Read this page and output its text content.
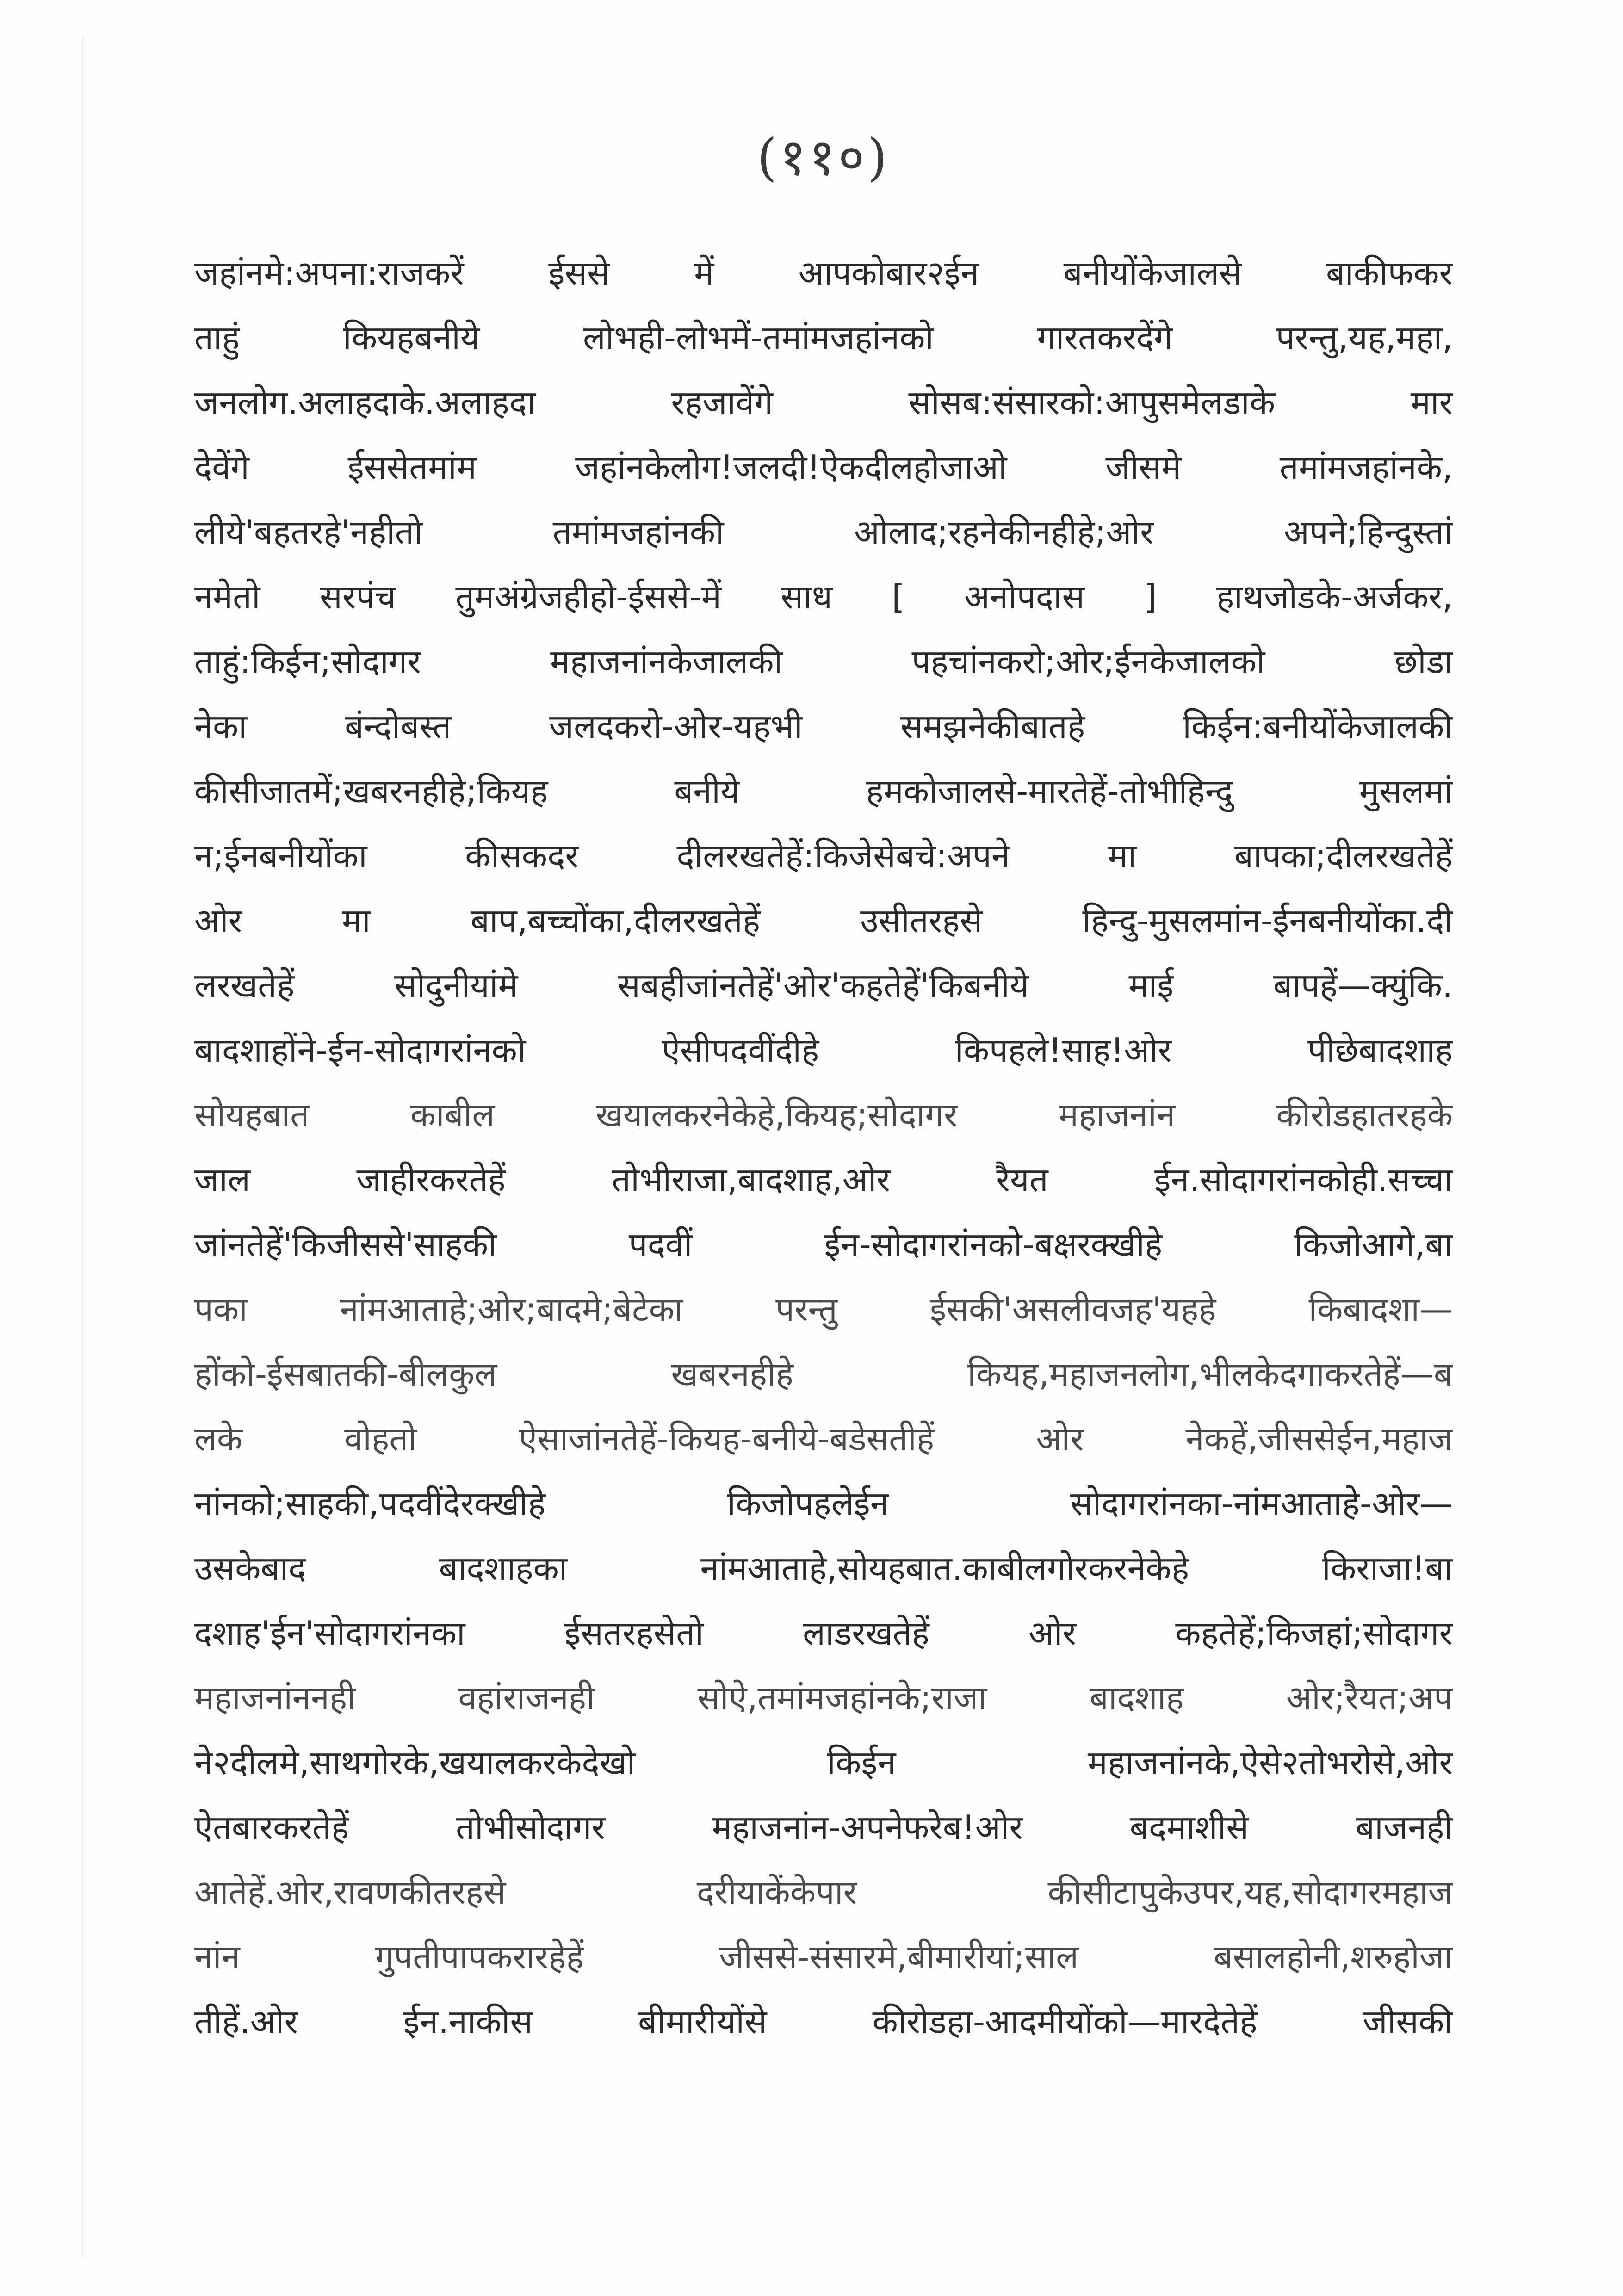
(११०)
जहांनमे:अपना:राजकरें ईससे में आपकोबार२ईन बनीयोंकेजालसे बाकीफकर
ताहुं कियहबनीये लोभही-लोभमें-तमांमजहांनको गारतकरदेंगे परन्तु,यह,महा,
जनलोग.अलाहदाके.अलाहदा रहजावेंगे सोसब:संसारको:आपुसमेलडाके मार
देवेंगे ईससेतमांम जहांनकेलोग!जलदी!ऐकदीलहोजाओ जीसमे तमांमजहांनके,
लीये'बहतरहे'नहीतो तमांमजहांनकी ओलाद;रहनेकीनहीहे;ओर अपने;हिन्दुस्तां
नमेतो सरपंच तुमअंग्रेजहीहो-ईससे-में साध [ अनोपदास ] हाथजोडके-अर्जकर,
ताहुं:किईन;सोदागर महाजनांनकेजालकी पहचांनकरो;ओर;ईनकेजालको छोडा
नेका बंन्दोबस्त जलदकरो-ओर-यहभी समझनेकीबातहे किईन:बनीयोंकेजालकी
कीसीजातमें;खबरनहीहे;कियह बनीये हमकोजालसे-मारतेहें-तोभीहिन्दु मुसलमां
न;ईनबनीयोंका कीसकदर दीलरखतेहें:किजेसेबचे:अपने मा बापका;दीलरखतेहें
ओर मा बाप,बच्चोंका,दीलरखतेहें उसीतरहसे हिन्दु-मुसलमांन-ईनबनीयोंका.दी
लरखतेहें सोदुनीयांमे सबहीजांनतेहें'ओर'कहतेहें'किबनीये माई बापहें—क्युंकि.
बादशाहोंने-ईन-सोदागरांनको ऐसीपदवींदीहे किपहले!साह!ओर पीछेबादशाह
सोयहबात काबील खयालकरनेकेहे,कियह;सोदागर महाजनांन कीरोडहातरहके
जाल जाहीरकरतेहें तोभीराजा,बादशाह,ओर रैयत ईन.सोदागरांनकोही.सच्चा
जांनतेहें'किजीससे'साहकी पदवीं ईन-सोदागरांनको-बक्षरक्खीहे किजोआगे,बा
पका नांमआताहे;ओर;बादमे;बेटेका परन्तु ईसकी'असलीवजह'यहहे किबादशा—
होंको-ईसबातकी-बीलकुल खबरनहीहे कियह,महाजनलोग,भीलकेदगाकरतेहें—ब
लके वोहतो ऐसाजांनतेहें-कियह-बनीये-बडेसतीहें ओर नेकहें,जीससेईन,महाज
नांनको;साहकी,पदवींदेरक्खीहे किजोपहलेईन सोदागरांनका-नांमआताहे-ओर—
उसकेबाद बादशाहका नांमआताहे,सोयहबात.काबीलगोरकरनेकेहे किराजा!बा
दशाह'ईन'सोदागरांनका ईसतरहसेतो लाडरखतेहें ओर कहतेहें;किजहां;सोदागर
महाजनांननही वहांराजनही सोऐ,तमांमजहांनके;राजा बादशाह ओर;रैयत;अप
ने२दीलमे,साथगोरके,खयालकरकेदेखो किईन महाजनांनके,ऐसे२तोभरोसे,ओर
ऐतबारकरतेहें तोभीसोदागर महाजनांन-अपनेफरेब!ओर बदमाशीसे बाजनही
आतेहें.ओर,रावणकीतरहसे दरीयाकेंकेपार कीसीटापुकेउपर,यह,सोदागरमहाज
नांन गुपतीपापकरारहेहें जीससे-संसारमे,बीमारीयां;साल बसालहोनी,शरुहोजा
तीहें.ओर ईन.नाकीस बीमारीयोंसे कीरोडहा-आदमीयोंको—मारदेतेहें जीसकी
